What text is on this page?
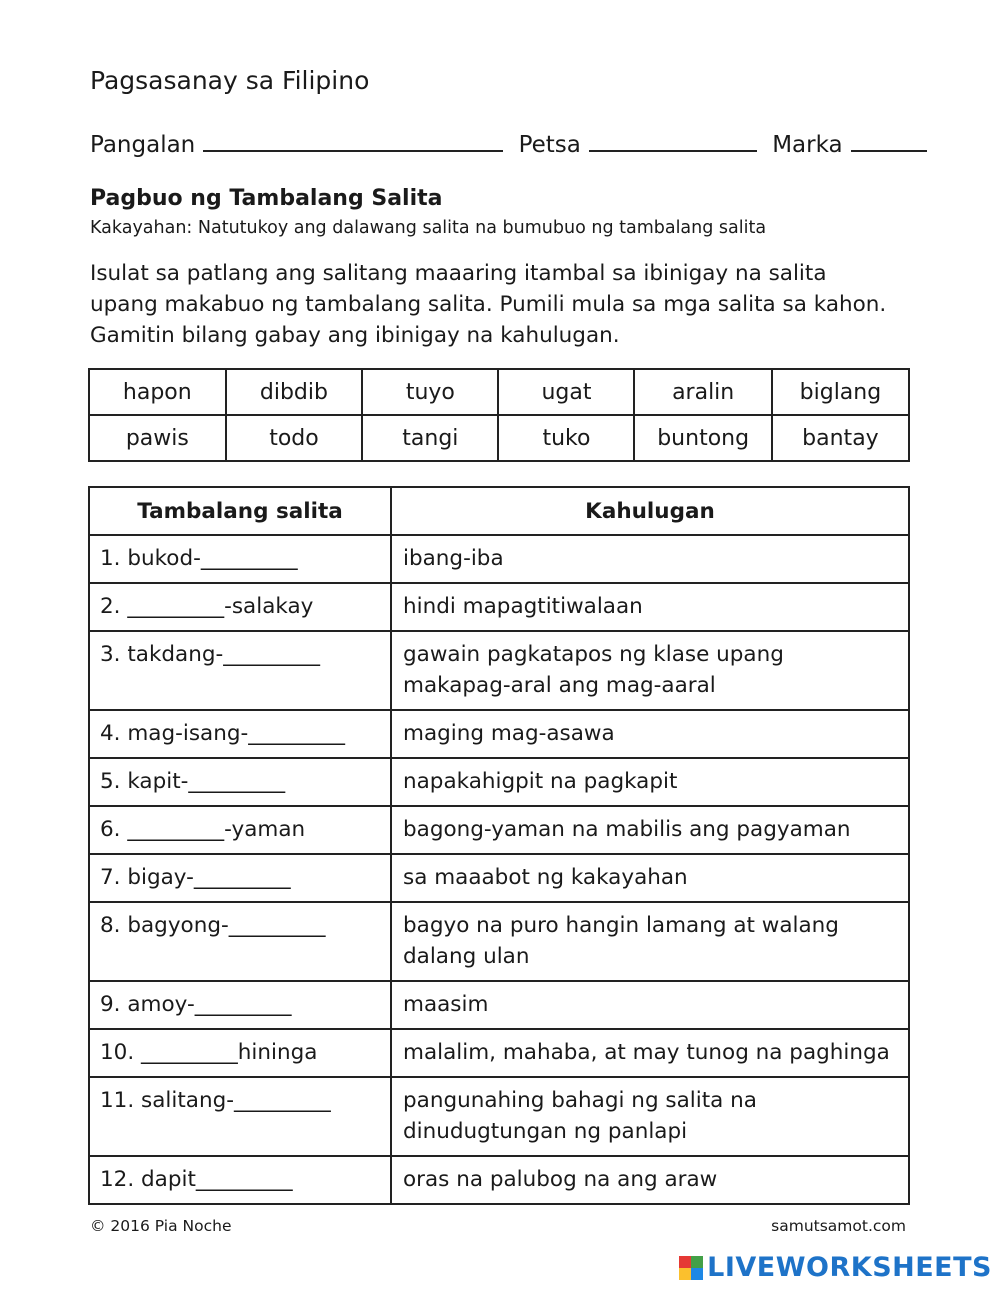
Pagsasanay sa Filipino
Pangalan	Petsa	Marka
Pagbuo ng Tambalang Salita
Kakayahan: Natutukoy ang dalawang salita na bumubuo ng tambalang salita
Isulat sa patlang ang salitang maaaring itambal sa ibinigay na salita upang makabuo ng tambalang salita. Pumili mula sa mga salita sa kahon. Gamitin bilang gabay ang ibinigay na kahulugan.
hapon	dibdib	tuyo	ugat	aralin	biglang
pawis	todo	tangi	tuko	buntong	bantay
Tambalang salita	Kahulugan
1. bukod-_________	ibang-iba
2. _________-salakay	hindi mapagtitiwalaan
3. takdang-_________	gawain pagkatapos ng klase upang makapag-aral ang mag-aaral
4. mag-isang-_________	maging mag-asawa
5. kapit-_________	napakahigpit na pagkapit
6. _________-yaman	bagong-yaman na mabilis ang pagyaman
7. bigay-_________	sa maaabot ng kakayahan
8. bagyong-_________	bagyo na puro hangin lamang at walang dalang ulan
9. amoy-_________	maasim
10. _________hininga	malalim, mahaba, at may tunog na paghinga
11. salitang-_________	pangunahing bahagi ng salita na dinudugtungan ng panlapi
12. dapit_________	oras na palubog na ang araw
© 2016 Pia Noche	samutsamot.com
LIVEWORKSHEETS
